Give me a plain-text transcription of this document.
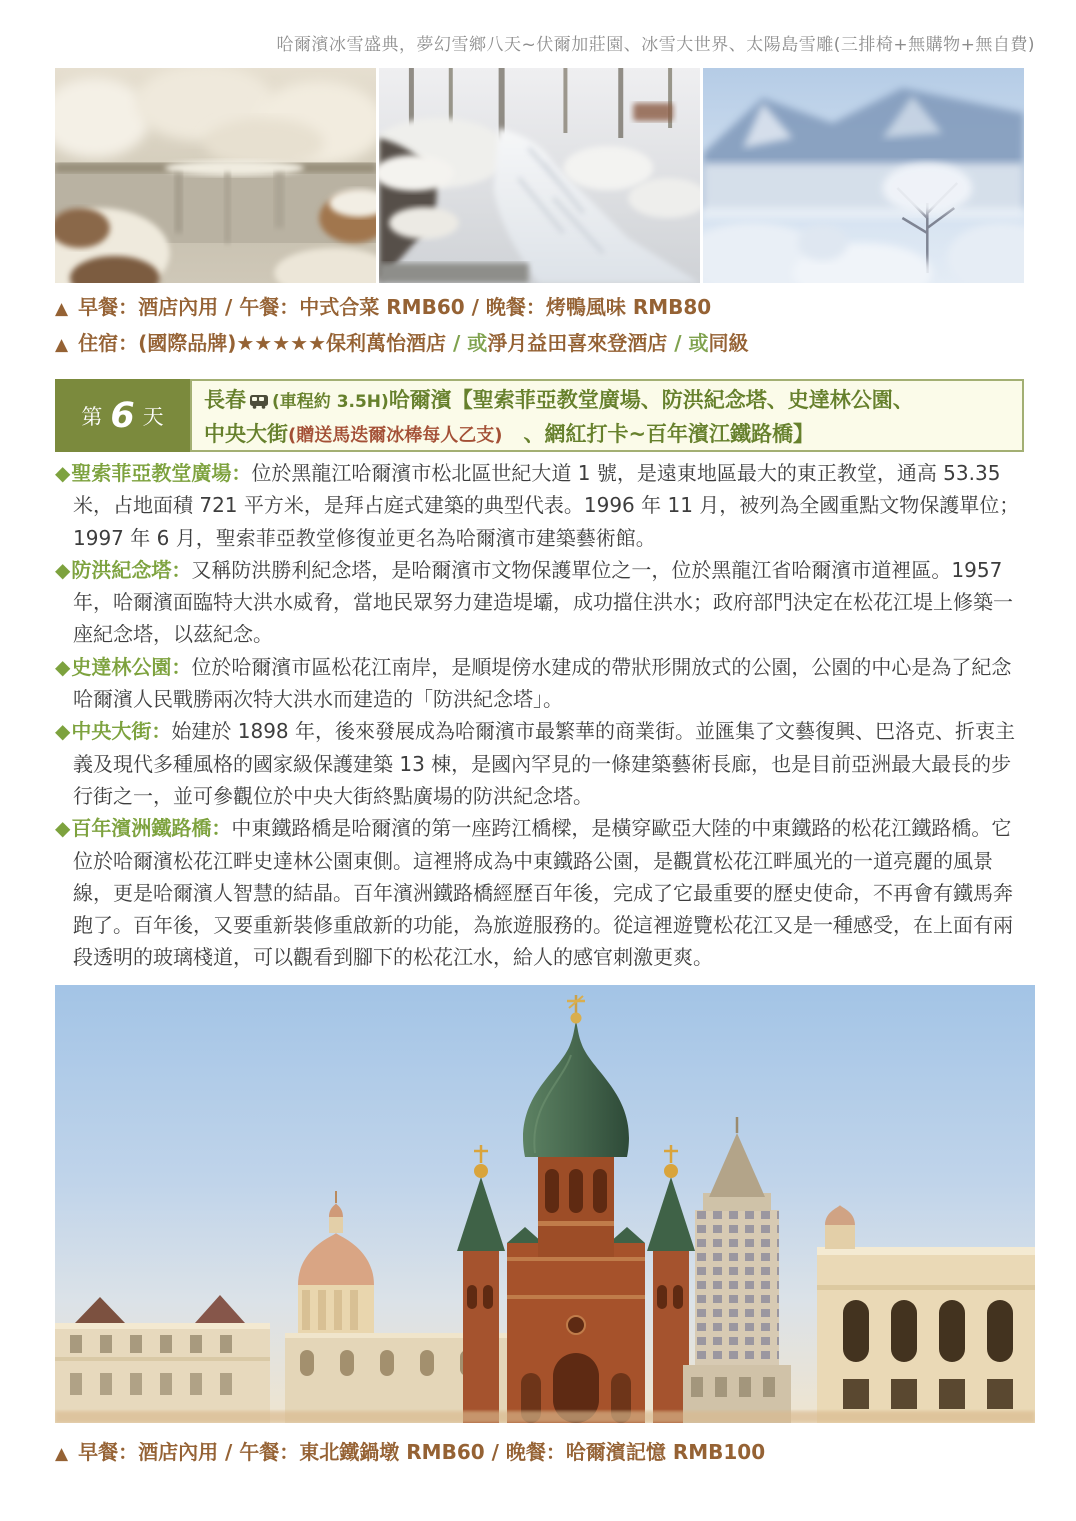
哈爾濱冰雪盛典，夢幻雪鄉八天~伏爾加莊園、冰雪大世界、太陽島雪雕(三排椅+無購物+無自費)
▲ 早餐：酒店內用 / 午餐：中式合菜 RMB60 / 晚餐：烤鴨風味 RMB80
▲ 住宿：(國際品牌)★★★★★保利萬怡酒店 / 或淨月益田喜來登酒店 / 或同級
第 6 天
長春 (車程約 3.5H)哈爾濱【聖索菲亞教堂廣場、防洪紀念塔、史達林公園、
中央大街(贈送馬迭爾冰棒每人乙支)　、網紅打卡~百年濱江鐵路橋】

◆聖索菲亞教堂廣場：位於黑龍江哈爾濱市松北區世紀大道 1 號，是遠東地區最大的東正教堂，通高 53.35 米，占地面積 721 平方米，是拜占庭式建築的典型代表。1996 年 11 月，被列為全國重點文物保護單位；1997 年 6 月，聖索菲亞教堂修復並更名為哈爾濱市建築藝術館。

◆防洪紀念塔：又稱防洪勝利紀念塔，是哈爾濱市文物保護單位之一，位於黑龍江省哈爾濱市道裡區。1957 年，哈爾濱面臨特大洪水威脅，當地民眾努力建造堤壩，成功擋住洪水；政府部門決定在松花江堤上修築一座紀念塔，以茲紀念。

◆史達林公園：位於哈爾濱市區松花江南岸，是順堤傍水建成的帶狀形開放式的公園，公園的中心是為了紀念哈爾濱人民戰勝兩次特大洪水而建造的「防洪紀念塔」。

◆中央大街：始建於 1898 年，後來發展成為哈爾濱市最繁華的商業街。並匯集了文藝復興、巴洛克、折衷主義及現代多種風格的國家級保護建築 13 棟，是國內罕見的一條建築藝術長廊，也是目前亞洲最大最長的步行街之一，並可參觀位於中央大街終點廣場的防洪紀念塔。

◆百年濱洲鐵路橋：中東鐵路橋是哈爾濱的第一座跨江橋樑，是橫穿歐亞大陸的中東鐵路的松花江鐵路橋。它位於哈爾濱松花江畔史達林公園東側。這裡將成為中東鐵路公園，是觀賞松花江畔風光的一道亮麗的風景線，更是哈爾濱人智慧的結晶。百年濱洲鐵路橋經歷百年後，完成了它最重要的歷史使命，不再會有鐵馬奔跑了。百年後，又要重新裝修重啟新的功能，為旅遊服務的。從這裡遊覽松花江又是一種感受，在上面有兩段透明的玻璃棧道，可以觀看到腳下的松花江水，給人的感官刺激更爽。

▲ 早餐：酒店內用 / 午餐：東北鐵鍋墩 RMB60 / 晚餐：哈爾濱記憶 RMB100
